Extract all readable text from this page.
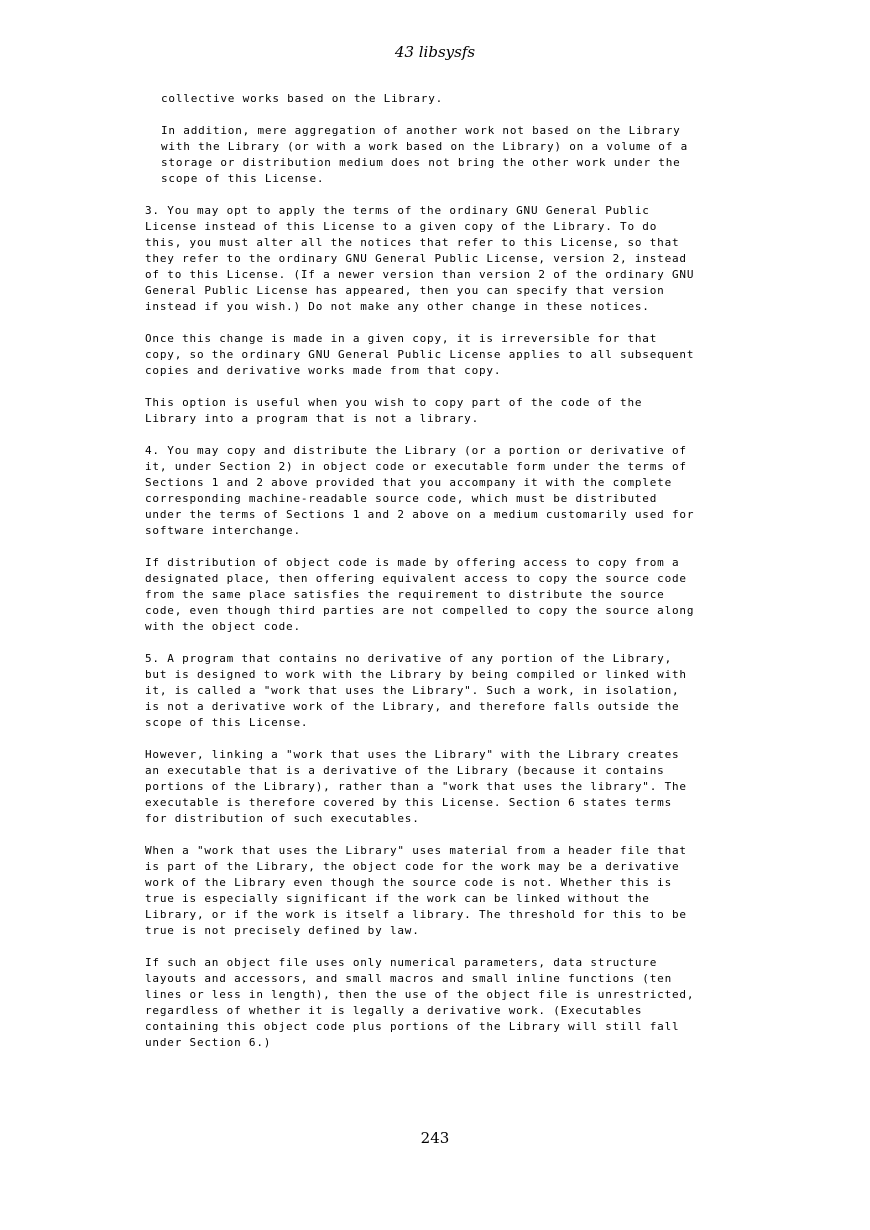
43 libsysfs

collective works based on the Library.
In addition, mere aggregation of another work not based on the Library
with the Library (or with a work based on the Library) on a volume of a
storage or distribution medium does not bring the other work under the
scope of this License.
3. You may opt to apply the terms of the ordinary GNU General Public
License instead of this License to a given copy of the Library. To do
this, you must alter all the notices that refer to this License, so that
they refer to the ordinary GNU General Public License, version 2, instead
of to this License. (If a newer version than version 2 of the ordinary GNU
General Public License has appeared, then you can specify that version
instead if you wish.) Do not make any other change in these notices.
Once this change is made in a given copy, it is irreversible for that
copy, so the ordinary GNU General Public License applies to all subsequent
copies and derivative works made from that copy.
This option is useful when you wish to copy part of the code of the
Library into a program that is not a library.
4. You may copy and distribute the Library (or a portion or derivative of
it, under Section 2) in object code or executable form under the terms of
Sections 1 and 2 above provided that you accompany it with the complete
corresponding machine-readable source code, which must be distributed
under the terms of Sections 1 and 2 above on a medium customarily used for
software interchange.
If distribution of object code is made by offering access to copy from a
designated place, then offering equivalent access to copy the source code
from the same place satisfies the requirement to distribute the source
code, even though third parties are not compelled to copy the source along
with the object code.
5. A program that contains no derivative of any portion of the Library,
but is designed to work with the Library by being compiled or linked with
it, is called a "work that uses the Library". Such a work, in isolation,
is not a derivative work of the Library, and therefore falls outside the
scope of this License.
However, linking a "work that uses the Library" with the Library creates
an executable that is a derivative of the Library (because it contains
portions of the Library), rather than a "work that uses the library". The
executable is therefore covered by this License. Section 6 states terms
for distribution of such executables.
When a "work that uses the Library" uses material from a header file that
is part of the Library, the object code for the work may be a derivative
work of the Library even though the source code is not. Whether this is
true is especially significant if the work can be linked without the
Library, or if the work is itself a library. The threshold for this to be
true is not precisely defined by law.
If such an object file uses only numerical parameters, data structure
layouts and accessors, and small macros and small inline functions (ten
lines or less in length), then the use of the object file is unrestricted,
regardless of whether it is legally a derivative work. (Executables
containing this object code plus portions of the Library will still fall
under Section 6.)

243
